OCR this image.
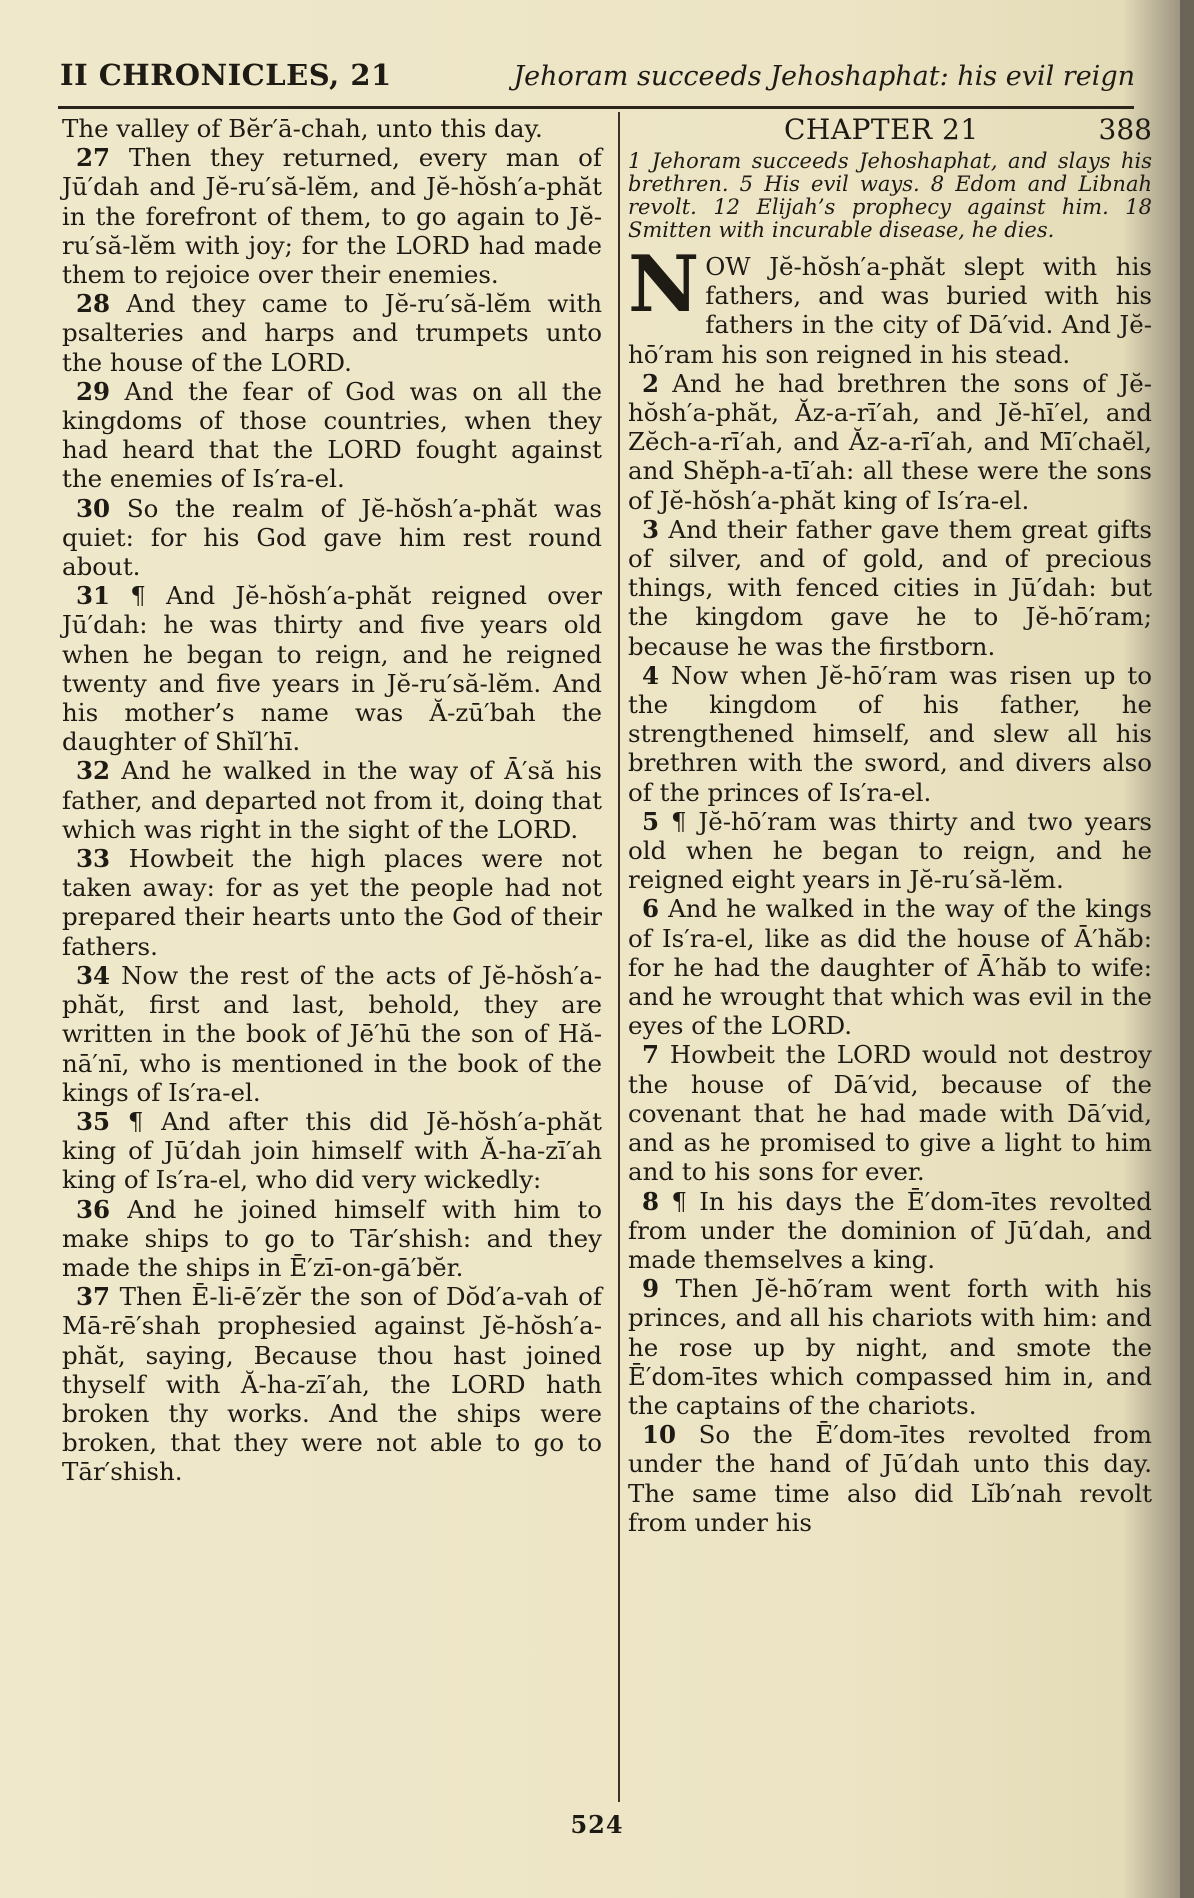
II CHRONICLES, 21	Jehoram succeeds Jehoshaphat: his evil reign

The valley of Bĕr′ā-chah, unto this day.

27 Then they returned, every man of Jū′dah and Jĕ-ru′să-lĕm, and Jĕ-hŏsh′a-phăt in the forefront of them, to go again to Jĕ-ru′să-lĕm with joy; for the LORD had made them to rejoice over their enemies.

28 And they came to Jĕ-ru′să-lĕm with psalteries and harps and trumpets unto the house of the LORD.

29 And the fear of God was on all the kingdoms of those countries, when they had heard that the LORD fought against the enemies of Is′ra-el.

30 So the realm of Jĕ-hŏsh′a-phăt was quiet: for his God gave him rest round about.

31 ¶ And Jĕ-hŏsh′a-phăt reigned over Jū′dah: he was thirty and five years old when he began to reign, and he reigned twenty and five years in Jĕ-ru′să-lĕm. And his mother’s name was Ă-zū′bah the daughter of Shĭl′hī.

32 And he walked in the way of Ā′să his father, and departed not from it, doing that which was right in the sight of the LORD.

33 Howbeit the high places were not taken away: for as yet the people had not prepared their hearts unto the God of their fathers.

34 Now the rest of the acts of Jĕ-hŏsh′a-phăt, first and last, behold, they are written in the book of Jē′hū the son of Hă-nā′nī, who is mentioned in the book of the kings of Is′ra-el.

35 ¶ And after this did Jĕ-hŏsh′a-phăt king of Jū′dah join himself with Ă-ha-zī′ah king of Is′ra-el, who did very wickedly:

36 And he joined himself with him to make ships to go to Tār′shish: and they made the ships in Ē′zī-on-gā′bĕr.

37 Then Ē-li-ē′zĕr the son of Dŏd′a-vah of Mā-rē′shah prophesied against Jĕ-hŏsh′a-phăt, saying, Because thou hast joined thyself with Ă-ha-zī′ah, the LORD hath broken thy works. And the ships were broken, that they were not able to go to Tār′shish.

CHAPTER 21	388

1 Jehoram succeeds Jehoshaphat, and slays his brethren. 5 His evil ways. 8 Edom and Libnah revolt. 12 Elijah’s prophecy against him. 18 Smitten with incurable disease, he dies.

NOW Jĕ-hŏsh′a-phăt slept with his fathers, and was buried with his fathers in the city of Dā′vid. And Jĕ-hō′ram his son reigned in his stead.

2 And he had brethren the sons of Jĕ-hŏsh′a-phăt, Ăz-a-rī′ah, and Jĕ-hī′el, and Zĕch-a-rī′ah, and Ăz-a-rī′ah, and Mī′chaĕl, and Shĕph-a-tī′ah: all these were the sons of Jĕ-hŏsh′a-phăt king of Is′ra-el.

3 And their father gave them great gifts of silver, and of gold, and of precious things, with fenced cities in Jū′dah: but the kingdom gave he to Jĕ-hō′ram; because he was the firstborn.

4 Now when Jĕ-hō′ram was risen up to the kingdom of his father, he strengthened himself, and slew all his brethren with the sword, and divers also of the princes of Is′ra-el.

5 ¶ Jĕ-hō′ram was thirty and two years old when he began to reign, and he reigned eight years in Jĕ-ru′să-lĕm.

6 And he walked in the way of the kings of Is′ra-el, like as did the house of Ā′hăb: for he had the daughter of Ā′hăb to wife: and he wrought that which was evil in the eyes of the LORD.

7 Howbeit the LORD would not destroy the house of Dā′vid, because of the covenant that he had made with Dā′vid, and as he promised to give a light to him and to his sons for ever.

8 ¶ In his days the Ē′dom-ītes revolted from under the dominion of Jū′dah, and made themselves a king.

9 Then Jĕ-hō′ram went forth with his princes, and all his chariots with him: and he rose up by night, and smote the Ē′dom-ītes which compassed him in, and the captains of the chariots.

10 So the Ē′dom-ītes revolted from under the hand of Jū′dah unto this day. The same time also did Lĭb′nah revolt from under his

524
